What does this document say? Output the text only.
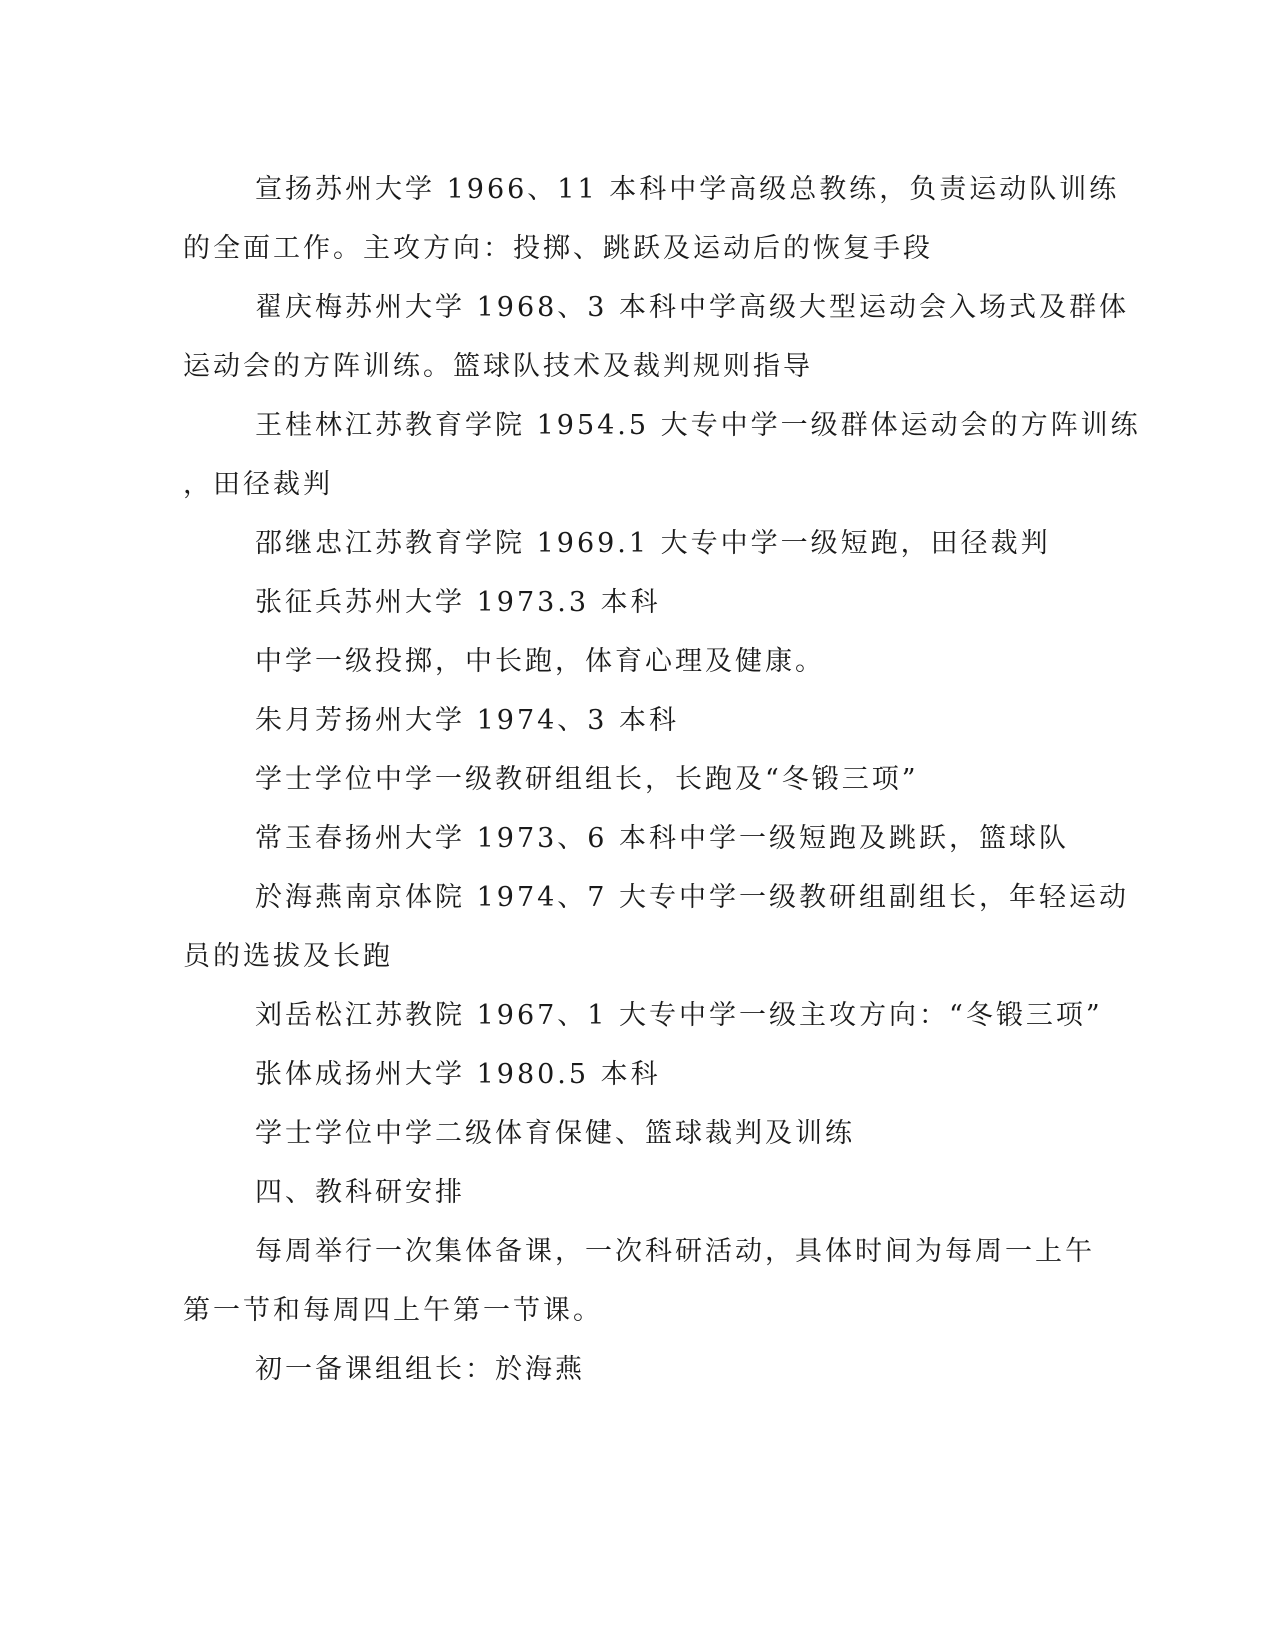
宣扬苏州大学 1966、11 本科中学高级总教练，负责运动队训练
的全面工作。主攻方向：投掷、跳跃及运动后的恢复手段

翟庆梅苏州大学 1968、3 本科中学高级大型运动会入场式及群体
运动会的方阵训练。篮球队技术及裁判规则指导

王桂林江苏教育学院 1954.5 大专中学一级群体运动会的方阵训练
，田径裁判

邵继忠江苏教育学院 1969.1 大专中学一级短跑，田径裁判

张征兵苏州大学 1973.3 本科

中学一级投掷，中长跑，体育心理及健康。

朱月芳扬州大学 1974、3 本科

学士学位中学一级教研组组长，长跑及“冬锻三项”

常玉春扬州大学 1973、6 本科中学一级短跑及跳跃，篮球队

於海燕南京体院 1974、7 大专中学一级教研组副组长，年轻运动
员的选拔及长跑

刘岳松江苏教院 1967、1 大专中学一级主攻方向：“冬锻三项”

张体成扬州大学 1980.5 本科

学士学位中学二级体育保健、篮球裁判及训练

四、教科研安排

每周举行一次集体备课，一次科研活动，具体时间为每周一上午
第一节和每周四上午第一节课。

初一备课组组长：於海燕
